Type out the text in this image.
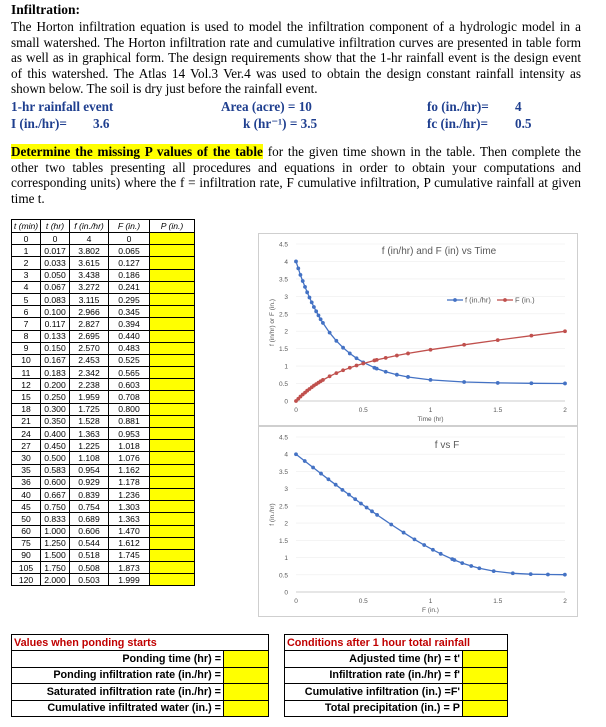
Infiltration:
The Horton infiltration equation is used to model the infiltration component of a hydrologic model in a small watershed. The Horton infiltration rate and cumulative infiltration curves are presented in table form as well as in graphical form. The design requirements show that the 1-hr rainfall event is the design event of this watershed. The Atlas 14 Vol.3 Ver.4 was used to obtain the design constant rainfall intensity as shown below. The soil is dry just before the rainfall event.
1-hr rainfall event	Area (acre) = 10	fo (in./hr)= 4
I (in./hr)= 3.6	k (hr⁻¹) = 3.5	fc (in./hr)= 0.5
Determine the missing P values of the table for the given time shown in the table. Then complete the other two tables presenting all procedures and equations in order to obtain your computations and corresponding units) where the f = infiltration rate, F cumulative infiltration, P cumulative rainfall at given time t.
t (min)	t (hr)	f (in./hr)	F (in.)	P (in.)
0	0	4	0	
1	0.017	3.802	0.065	
2	0.033	3.615	0.127	
3	0.050	3.438	0.186	
4	0.067	3.272	0.241	
5	0.083	3.115	0.295	
6	0.100	2.966	0.345	
7	0.117	2.827	0.394	
8	0.133	2.695	0.440	
9	0.150	2.570	0.483	
10	0.167	2.453	0.525	
11	0.183	2.342	0.565	
12	0.200	2.238	0.603	
15	0.250	1.959	0.708	
18	0.300	1.725	0.800	
21	0.350	1.528	0.881	
24	0.400	1.363	0.953	
27	0.450	1.225	1.018	
30	0.500	1.108	1.076	
35	0.583	0.954	1.162	
36	0.600	0.929	1.178	
40	0.667	0.839	1.236	
45	0.750	0.754	1.303	
50	0.833	0.689	1.363	
60	1.000	0.606	1.470	
75	1.250	0.544	1.612	
90	1.500	0.518	1.745	
105	1.750	0.508	1.873	
120	2.000	0.503	1.999	
0
0.5
1
1.5
2
2.5
3
3.5
4
4.5
0	0.5	1	1.5	2
Time (hr)
f (in/hr) or F (in.)
f (in/hr) and F (in) vs Time
f (in./hr)	F (in.)
0
0.5
1
1.5
2
2.5
3
3.5
4
4.5
0	0.5	1	1.5	2
F (in.)
f (in./hr)
f vs F
Values when ponding starts	
Ponding time (hr) =	
Ponding infiltration rate (in./hr) =	
Saturated infiltration rate (in./hr) =	
Cumulative infiltrated water (in.) =	
Conditions after 1 hour total rainfall	
Adjusted time (hr) = t'	
Infiltration rate (in./hr) = f'	
Cumulative infiltration (in.) =F'	
Total precipitation (in.) = P	
